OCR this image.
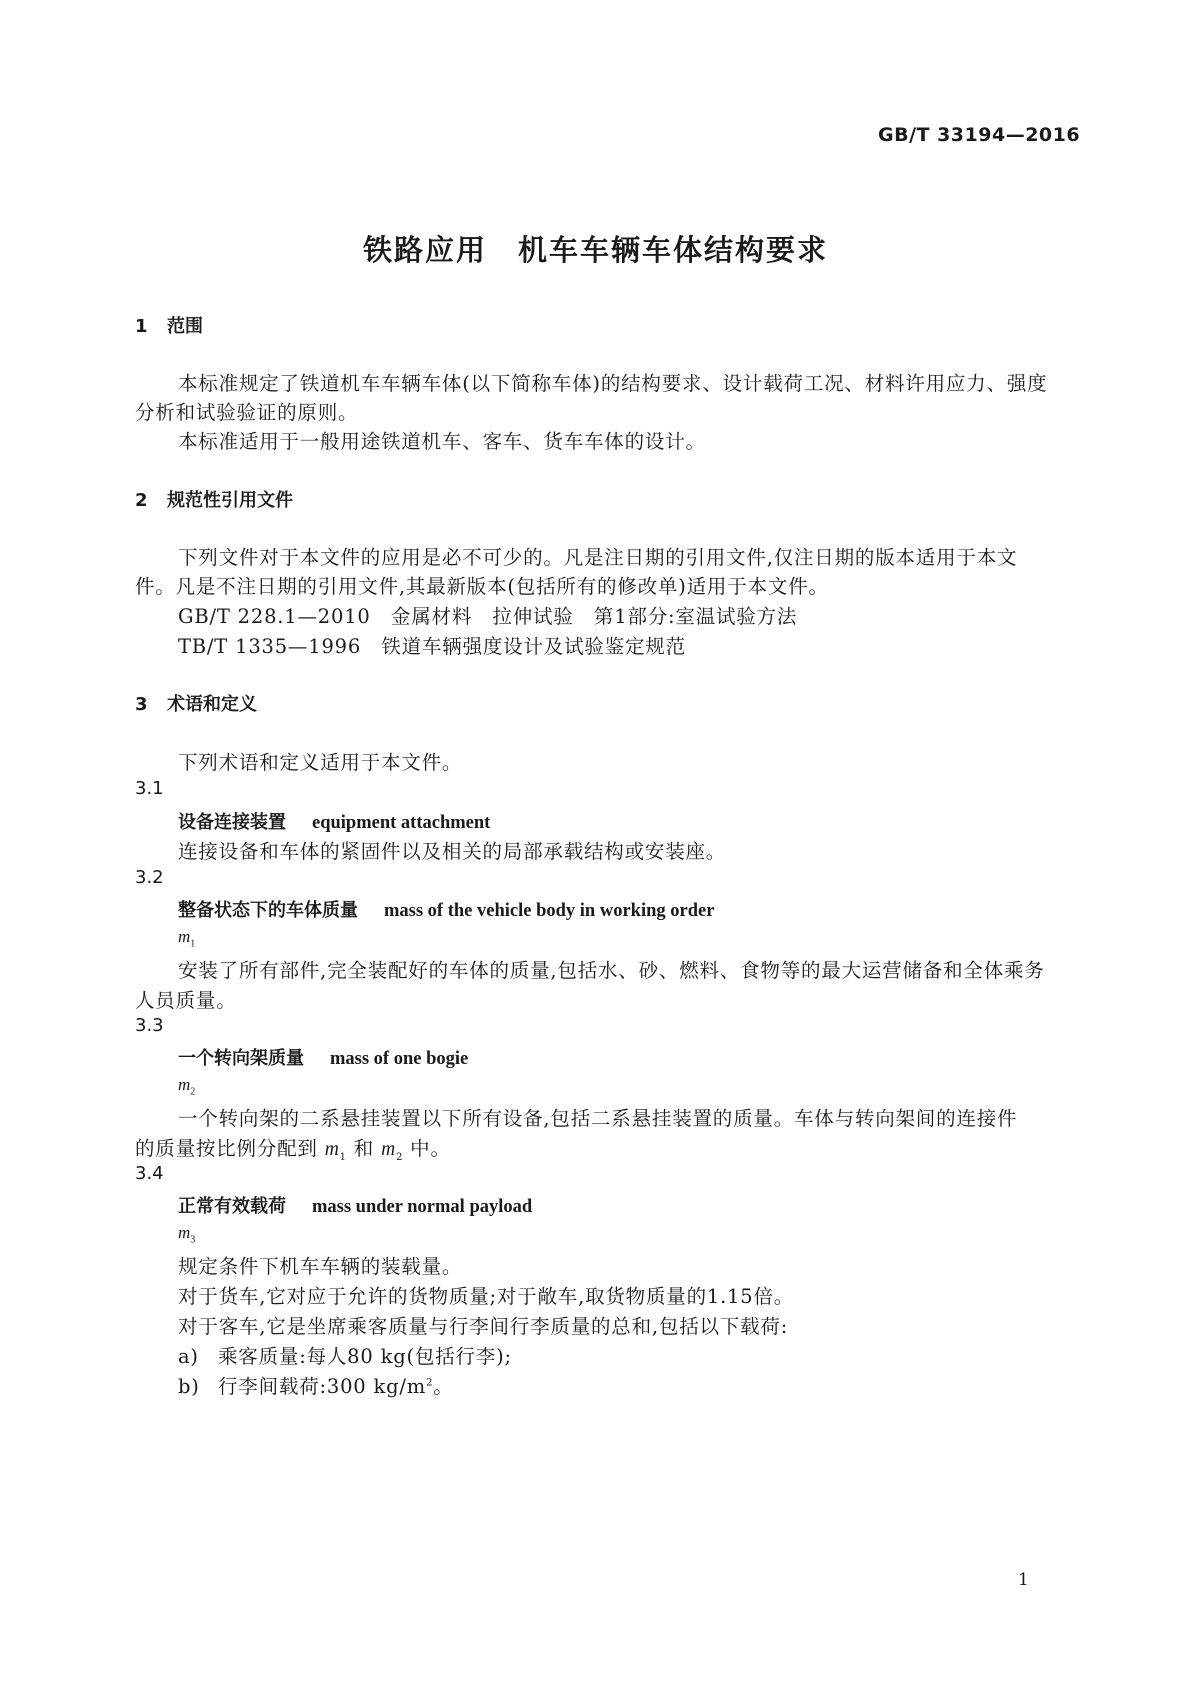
GB/T 33194—2016
铁路应用　机车车辆车体结构要求
1 范围
本标准规定了铁道机车车辆车体(以下简称车体)的结构要求、设计载荷工况、材料许用应力、强度
分析和试验验证的原则。
本标准适用于一般用途铁道机车、客车、货车车体的设计。
2 规范性引用文件
下列文件对于本文件的应用是必不可少的。凡是注日期的引用文件,仅注日期的版本适用于本文
件。凡是不注日期的引用文件,其最新版本(包括所有的修改单)适用于本文件。
GB/T 228.1—2010　金属材料　拉伸试验　第1部分:室温试验方法
TB/T 1335—1996　铁道车辆强度设计及试验鉴定规范
3 术语和定义
下列术语和定义适用于本文件。
3.1
设备连接装置 equipment attachment
连接设备和车体的紧固件以及相关的局部承载结构或安装座。
3.2
整备状态下的车体质量 mass of the vehicle body in working order
$m_1$
安装了所有部件,完全装配好的车体的质量,包括水、砂、燃料、食物等的最大运营储备和全体乘务
人员质量。
3.3
一个转向架质量 mass of one bogie
$m_2$
一个转向架的二系悬挂装置以下所有设备,包括二系悬挂装置的质量。车体与转向架间的连接件
的质量按比例分配到 $m_1$ 和 $m_2$ 中。
3.4
正常有效载荷 mass under normal payload
$m_3$
规定条件下机车车辆的装载量。
对于货车,它对应于允许的货物质量;对于敞车,取货物质量的1.15倍。
对于客车,它是坐席乘客质量与行李间行李质量的总和,包括以下载荷:
a) 乘客质量:每人80 kg(包括行李);
b) 行李间载荷:300 $kg/m^2$。
1
